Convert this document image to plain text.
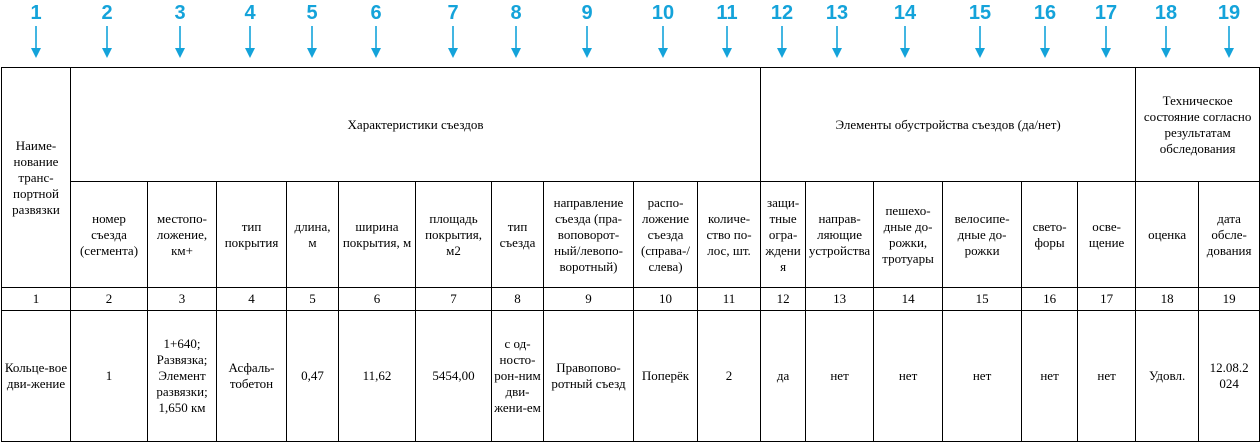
1	2	3	4	5	6	7	8	9	10	11	12	13	14	15	16	17	18	19
Наиме-нование транс-портной развязки	Характеристики съездов										Элементы обустройства съездов (да/нет)						Техническое состояние согласно результатам обследования	
	номер съезда (сегмента)	местопо-ложение, км+	тип покрытия	длина, м	ширина покрытия, м	площадь покрытия, м2	тип съезда	направление съезда (пра-воповорот-ный/левопо-воротный)	распо-ложение съезда (справа-/слева)	количе-ство по-лос, шт.	защи-тные огра-ждения	направ-ляющие устройства	пешехо-дные до-рожки, тротуары	велосипе-дные до-рожки	свето-форы	осве-щение	оценка	дата обсле-дования
1	2	3	4	5	6	7	8	9	10	11	12	13	14	15	16	17	18	19
Кольце-вое дви-жение	1	1+640; Развязка; Элемент развязки; 1,650 км	Асфаль-тобетон	0,47	11,62	5454,00	с од-носто-рон-ним дви-жени-ем	Правопово-ротный съезд	Поперёк	2	да	нет	нет	нет	нет	нет	Удовл.	12.08.2 024
